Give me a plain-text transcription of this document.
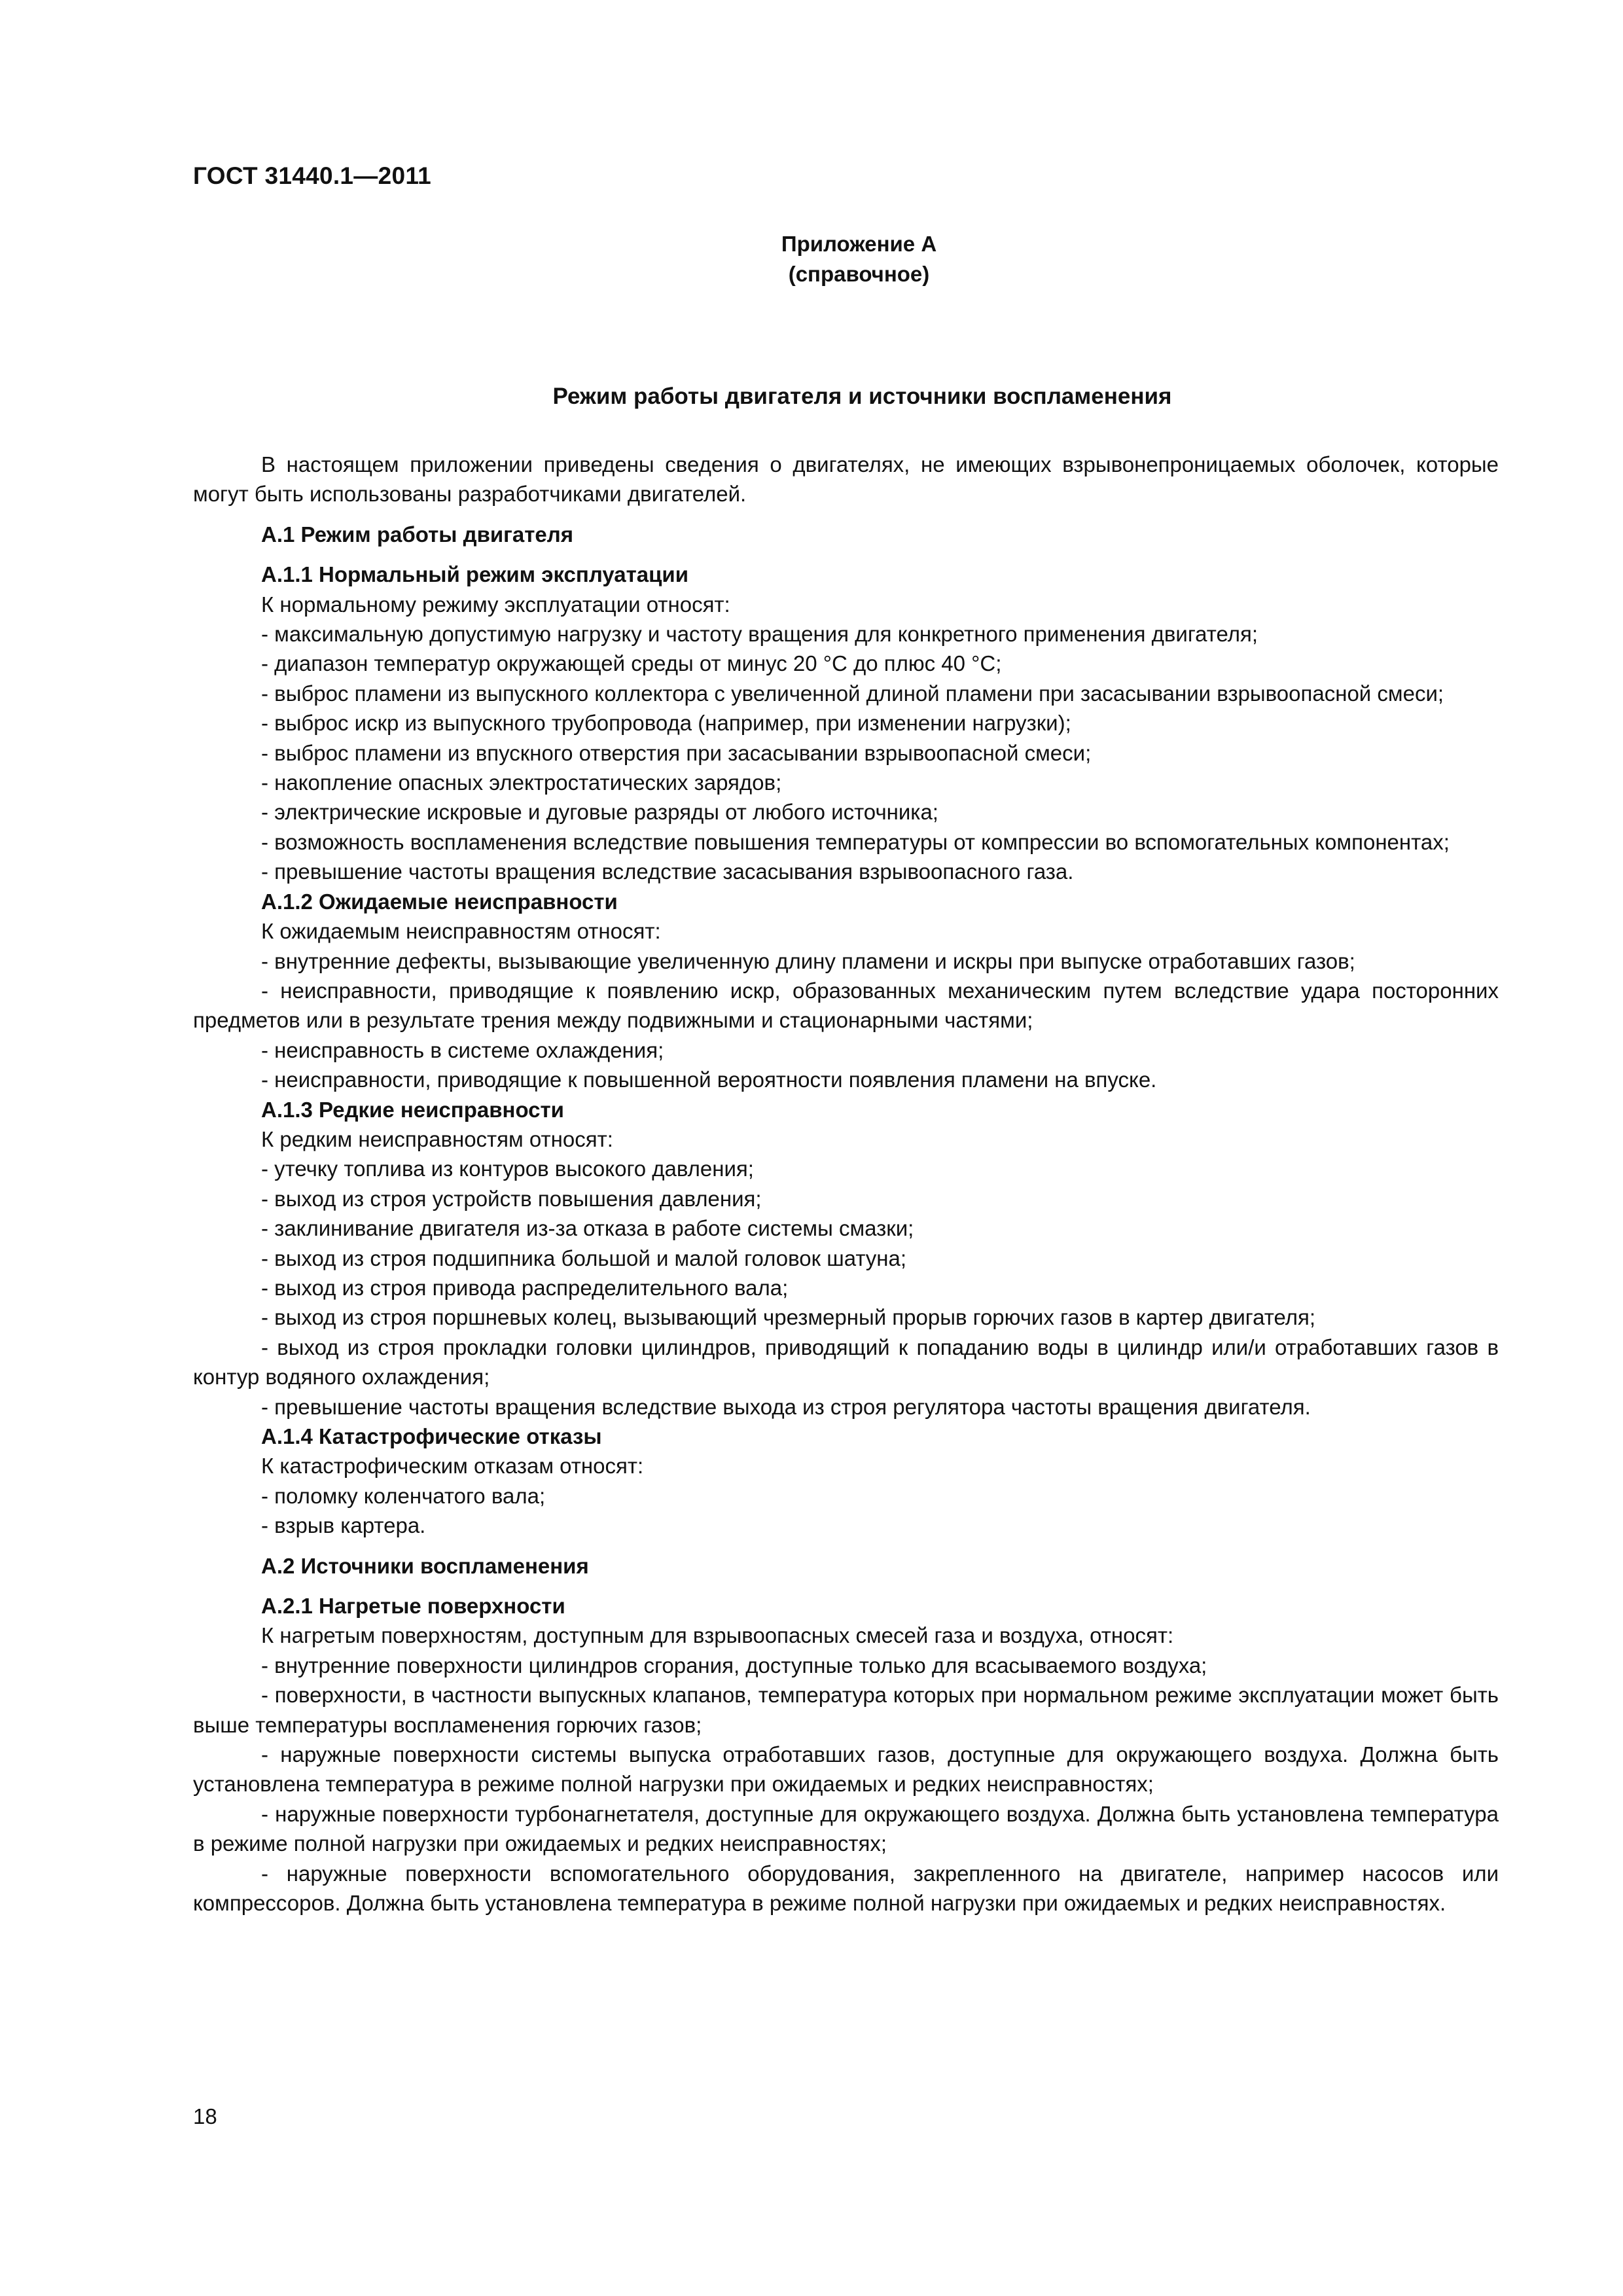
ГОСТ 31440.1—2011
Приложение А
(справочное)
Режим работы двигателя и источники воспламенения

В настоящем приложении приведены сведения о двигателях, не имеющих взрывонепроницаемых оболочек, которые могут быть использованы разработчиками двигателей.

А.1 Режим работы двигателя
А.1.1 Нормальный режим эксплуатации

К нормальному режиму эксплуатации относят:

- максимальную допустимую нагрузку и частоту вращения для конкретного применения двигателя;

- диапазон температур окружающей среды от минус 20 °С до плюс 40 °С;

- выброс пламени из выпускного коллектора с увеличенной длиной пламени при засасывании взрывоопасной смеси;

- выброс искр из выпускного трубопровода (например, при изменении нагрузки);

- выброс пламени из впускного отверстия при засасывании взрывоопасной смеси;

- накопление опасных электростатических зарядов;

- электрические искровые и дуговые разряды от любого источника;

- возможность воспламенения вследствие повышения температуры от компрессии во вспомогательных компонентах;

- превышение частоты вращения вследствие засасывания взрывоопасного газа.

А.1.2 Ожидаемые неисправности

К ожидаемым неисправностям относят:

- внутренние дефекты, вызывающие увеличенную длину пламени и искры при выпуске отработавших газов;

- неисправности, приводящие к появлению искр, образованных механическим путем вследствие удара посторонних предметов или в результате трения между подвижными и стационарными частями;

- неисправность в системе охлаждения;

- неисправности, приводящие к повышенной вероятности появления пламени на впуске.

А.1.3 Редкие неисправности

К редким неисправностям относят:

- утечку топлива из контуров высокого давления;

- выход из строя устройств повышения давления;

- заклинивание двигателя из-за отказа в работе системы смазки;

- выход из строя подшипника большой и малой головок шатуна;

- выход из строя привода распределительного вала;

- выход из строя поршневых колец, вызывающий чрезмерный прорыв горючих газов в картер двигателя;

- выход из строя прокладки головки цилиндров, приводящий к попаданию воды в цилиндр или/и отработавших газов в контур водяного охлаждения;

- превышение частоты вращения вследствие выхода из строя регулятора частоты вращения двигателя.

А.1.4 Катастрофические отказы

К катастрофическим отказам относят:

- поломку коленчатого вала;

- взрыв картера.

А.2 Источники воспламенения
А.2.1 Нагретые поверхности

К нагретым поверхностям, доступным для взрывоопасных смесей газа и воздуха, относят:

- внутренние поверхности цилиндров сгорания, доступные только для всасываемого воздуха;

- поверхности, в частности выпускных клапанов, температура которых при нормальном режиме эксплуатации может быть выше температуры воспламенения горючих газов;

- наружные поверхности системы выпуска отработавших газов, доступные для окружающего воздуха. Должна быть установлена температура в режиме полной нагрузки при ожидаемых и редких неисправностях;

- наружные поверхности турбонагнетателя, доступные для окружающего воздуха. Должна быть установлена температура в режиме полной нагрузки при ожидаемых и редких неисправностях;

- наружные поверхности вспомогательного оборудования, закрепленного на двигателе, например насосов или компрессоров. Должна быть установлена температура в режиме полной нагрузки при ожидаемых и редких неисправностях.

18
